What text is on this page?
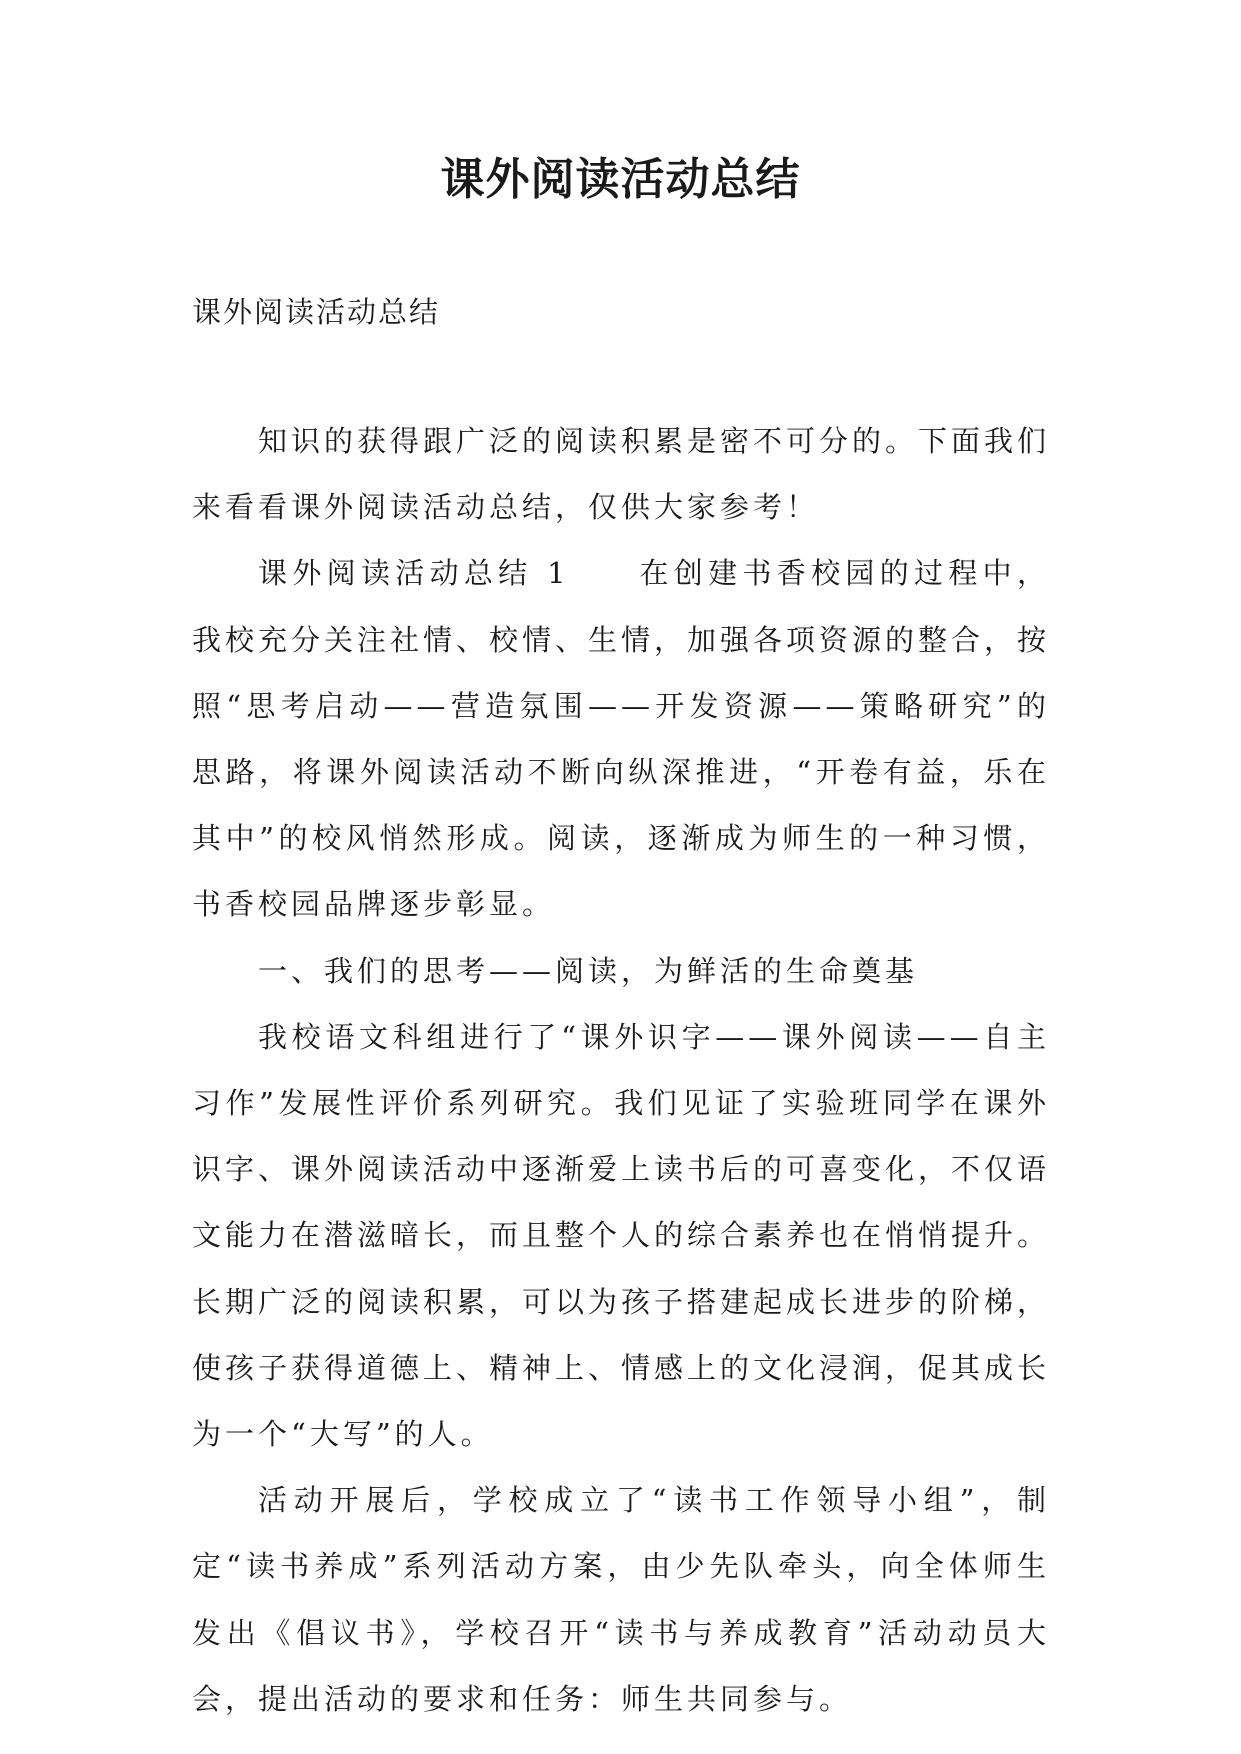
课外阅读活动总结
课外阅读活动总结

知识的获得跟广泛的阅读积累是密不可分的。下面我们来看看课外阅读活动总结，仅供大家参考！

课外阅读活动总结 1　　在创建书香校园的过程中，我校充分关注社情、校情、生情，加强各项资源的整合，按照“思考启动——营造氛围——开发资源——策略研究”的思路，将课外阅读活动不断向纵深推进，“开卷有益，乐在其中”的校风悄然形成。阅读，逐渐成为师生的一种习惯，书香校园品牌逐步彰显。

一、我们的思考——阅读，为鲜活的生命奠基

我校语文科组进行了“课外识字——课外阅读——自主习作”发展性评价系列研究。我们见证了实验班同学在课外识字、课外阅读活动中逐渐爱上读书后的可喜变化，不仅语文能力在潜滋暗长，而且整个人的综合素养也在悄悄提升。长期广泛的阅读积累，可以为孩子搭建起成长进步的阶梯，使孩子获得道德上、精神上、情感上的文化浸润，促其成长为一个“大写”的人。

活动开展后，学校成立了“读书工作领导小组”，制定“读书养成”系列活动方案，由少先队牵头，向全体师生发出《倡议书》，学校召开“读书与养成教育”活动动员大会，提出活动的要求和任务：师生共同参与。
